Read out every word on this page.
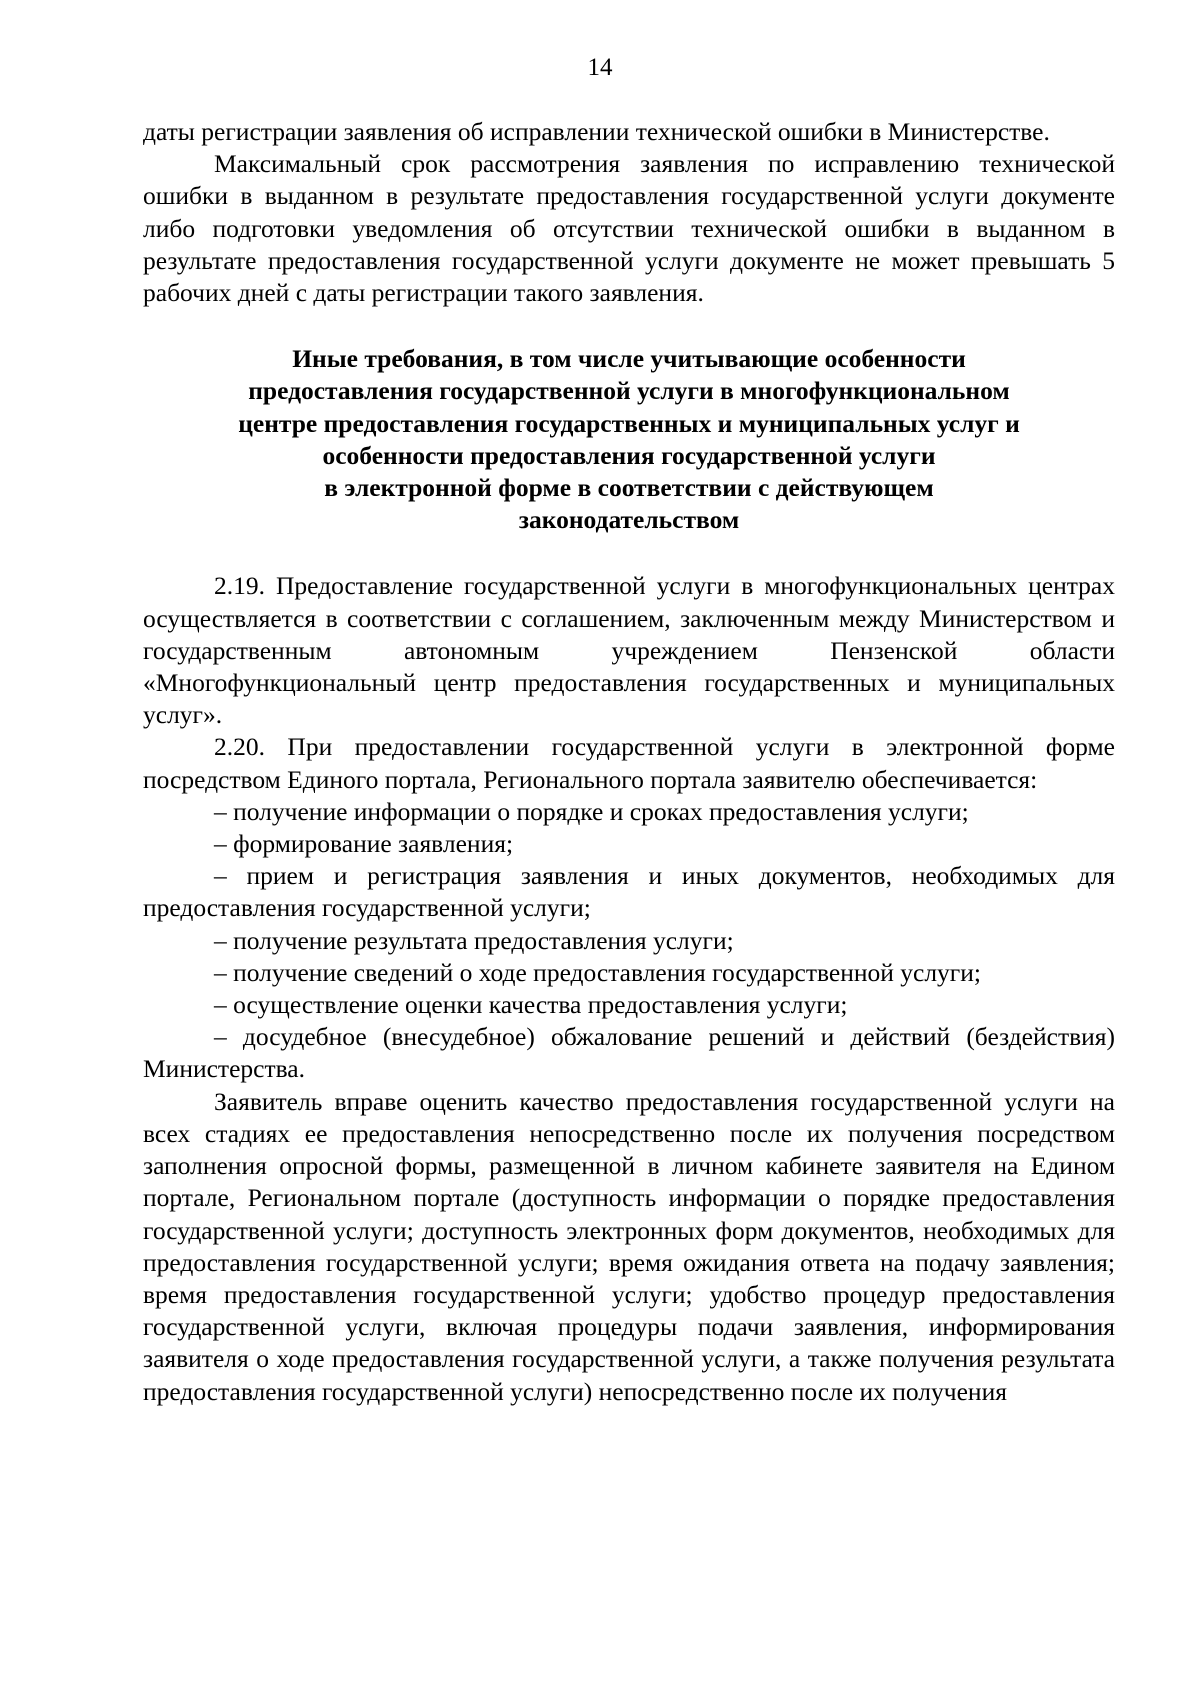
14

даты регистрации заявления об исправлении технической ошибки в Министерстве.

Максимальный срок рассмотрения заявления по исправлению технической ошибки в выданном в результате предоставления государственной услуги документе либо подготовки уведомления об отсутствии технической ошибки в выданном в результате предоставления государственной услуги документе не может превышать 5 рабочих дней с даты регистрации такого заявления.

Иные требования, в том числе учитывающие особенности
предоставления государственной услуги в многофункциональном
центре предоставления государственных и муниципальных услуг и
особенности предоставления государственной услуги
в электронной форме в соответствии с действующем
законодательством

2.19. Предоставление государственной услуги в многофункциональных центрах осуществляется в соответствии с соглашением, заключенным между Министерством и государственным автономным учреждением Пензенской области «Многофункциональный центр предоставления государственных и муниципальных услуг».

2.20. При предоставлении государственной услуги в электронной форме посредством Единого портала, Регионального портала заявителю обеспечивается:

– получение информации о порядке и сроках предоставления услуги;

– формирование заявления;

– прием и регистрация заявления и иных документов, необходимых для предоставления государственной услуги;

– получение результата предоставления услуги;

– получение сведений о ходе предоставления государственной услуги;

– осуществление оценки качества предоставления услуги;

– досудебное (внесудебное) обжалование решений и действий (бездействия) Министерства.

Заявитель вправе оценить качество предоставления государственной услуги на всех стадиях ее предоставления непосредственно после их получения посредством заполнения опросной формы, размещенной в личном кабинете заявителя на Едином портале, Региональном портале (доступность информации о порядке предоставления государственной услуги; доступность электронных форм документов, необходимых для предоставления государственной услуги; время ожидания ответа на подачу заявления; время предоставления государственной услуги; удобство процедур предоставления государственной услуги, включая процедуры подачи заявления, информирования заявителя о ходе предоставления государственной услуги, а также получения результата предоставления государственной услуги) непосредственно после их получения
